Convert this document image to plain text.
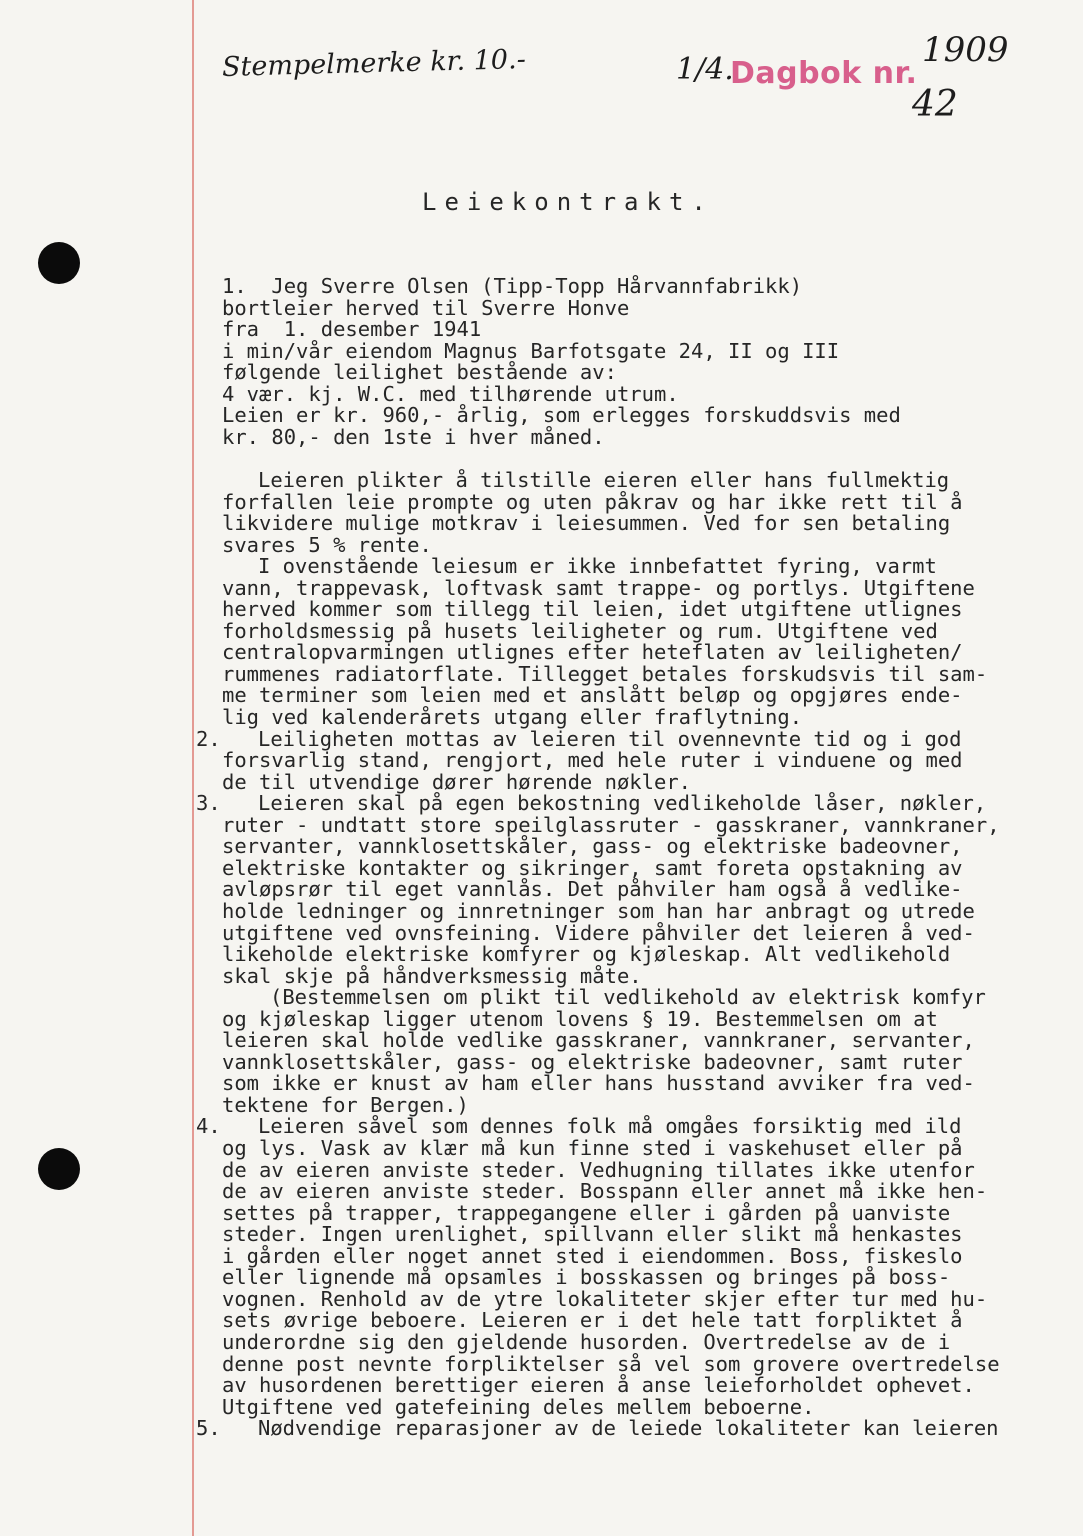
Stempelmerke kr. 10.-	1/4.
Dagbok nr.
1909
42
Leiekontrakt.
1.  Jeg Sverre Olsen (Tipp-Topp Hårvannfabrikk)
bortleier herved til Sverre Honve
fra  1. desember 1941
i min/vår eiendom Magnus Barfotsgate 24, II og III
følgende leilighet bestående av:
4 vær. kj. W.C. med tilhørende utrum.
Leien er kr. 960,- årlig, som erlegges forskuddsvis med
kr. 80,- den 1ste i hver måned.
Leieren plikter å tilstille eieren eller hans fullmektig
forfallen leie prompte og uten påkrav og har ikke rett til å
likvidere mulige motkrav i leiesummen. Ved for sen betaling
svares 5 % rente.
I ovenstående leiesum er ikke innbefattet fyring, varmt
vann, trappevask, loftvask samt trappe- og portlys. Utgiftene
herved kommer som tillegg til leien, idet utgiftene utlignes
forholdsmessig på husets leiligheter og rum. Utgiftene ved
centralopvarmingen utlignes efter heteflaten av leiligheten/
rummenes radiatorflate. Tillegget betales forskudsvis til sam-
me terminer som leien med et anslått beløp og opgjøres ende-
lig ved kalenderårets utgang eller fraflytning.
Leiligheten mottas av leieren til ovennevnte tid og i god
2.
forsvarlig stand, rengjort, med hele ruter i vinduene og med
de til utvendige dører hørende nøkler.
Leieren skal på egen bekostning vedlikeholde låser, nøkler,
3.
ruter - undtatt store speilglassruter - gasskraner, vannkraner,
servanter, vannklosettskåler, gass- og elektriske badeovner,
elektriske kontakter og sikringer, samt foreta opstakning av
avløpsrør til eget vannlås. Det påhviler ham også å vedlike-
holde ledninger og innretninger som han har anbragt og utrede
utgiftene ved ovnsfeining. Videre påhviler det leieren å ved-
likeholde elektriske komfyrer og kjøleskap. Alt vedlikehold
skal skje på håndverksmessig måte.
(Bestemmelsen om plikt til vedlikehold av elektrisk komfyr
og kjøleskap ligger utenom lovens § 19. Bestemmelsen om at
leieren skal holde vedlike gasskraner, vannkraner, servanter,
vannklosettskåler, gass- og elektriske badeovner, samt ruter
som ikke er knust av ham eller hans husstand avviker fra ved-
tektene for Bergen.)
Leieren såvel som dennes folk må omgåes forsiktig med ild
4.
og lys. Vask av klær må kun finne sted i vaskehuset eller på
de av eieren anviste steder. Vedhugning tillates ikke utenfor
de av eieren anviste steder. Bosspann eller annet må ikke hen-
settes på trapper, trappegangene eller i gården på uanviste
steder. Ingen urenlighet, spillvann eller slikt må henkastes
i gården eller noget annet sted i eiendommen. Boss, fiskeslo
eller lignende må opsamles i bosskassen og bringes på boss-
vognen. Renhold av de ytre lokaliteter skjer efter tur med hu-
sets øvrige beboere. Leieren er i det hele tatt forpliktet å
underordne sig den gjeldende husorden. Overtredelse av de i
denne post nevnte forpliktelser så vel som grovere overtredelse
av husordenen berettiger eieren å anse leieforholdet ophevet.
Utgiftene ved gatefeining deles mellem beboerne.
Nødvendige reparasjoner av de leiede lokaliteter kan leieren
5.
